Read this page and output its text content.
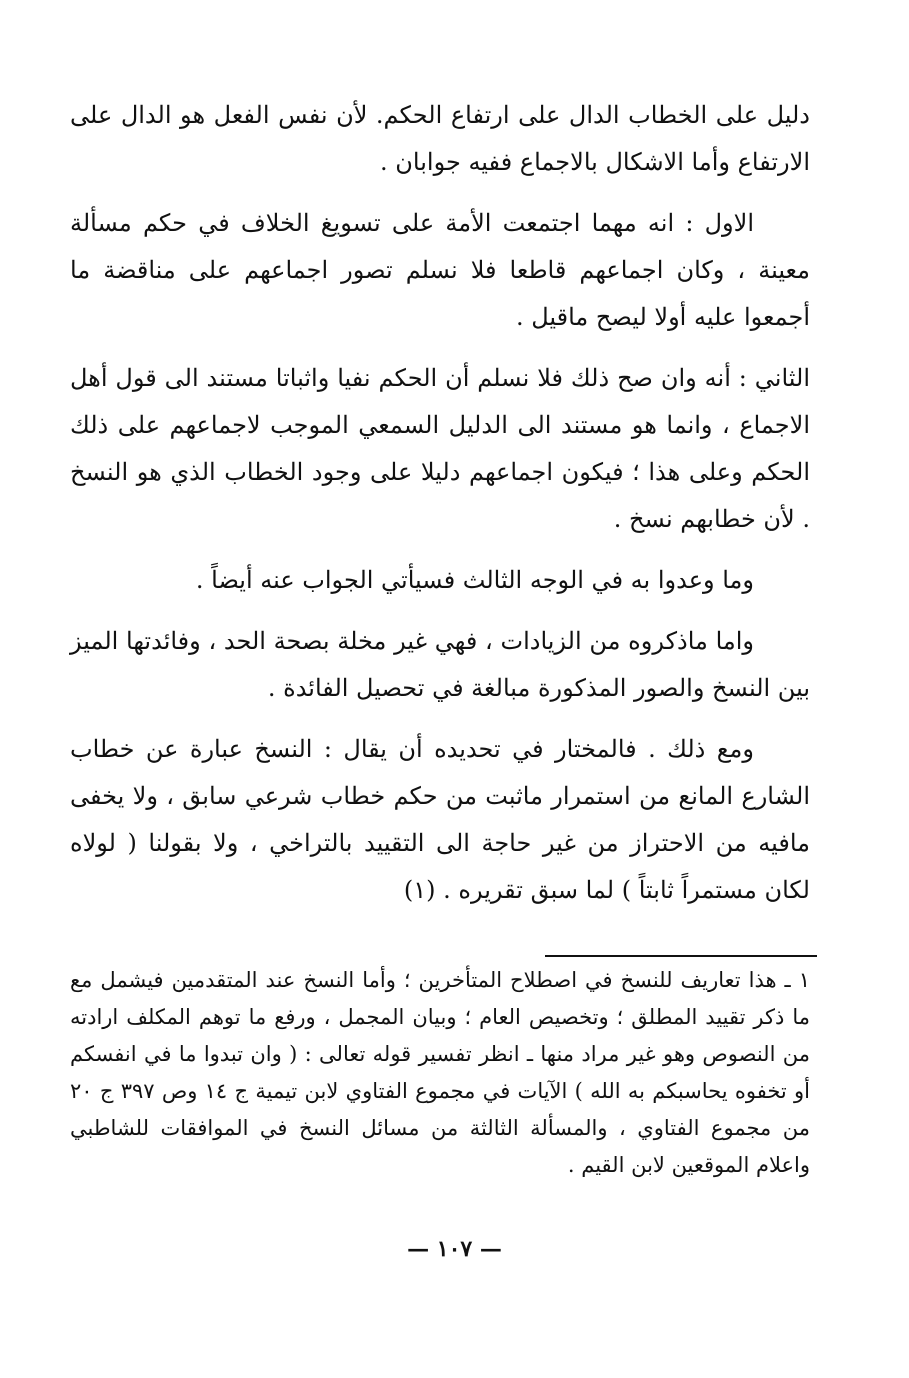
دليل على الخطاب الدال على ارتفاع الحكم. لأن نفس الفعل هو الدال على الارتفاع وأما الاشكال بالاجماع ففيه جوابان .

الاول : انه مهما اجتمعت الأمة على تسويغ الخلاف في حكم مسألة معينة ، وكان اجماعهم قاطعا فلا نسلم تصور اجماعهم على مناقضة ما أجمعوا عليه أولا ليصح ماقيل .

الثاني : أنه وان صح ذلك فلا نسلم أن الحكم نفيا واثباتا مستند الى قول أهل الاجماع ، وانما هو مستند الى الدليل السمعي الموجب لاجماعهم على ذلك الحكم وعلى هذا ؛ فيكون اجماعهم دليلا على وجود الخطاب الذي هو النسخ . لأن خطابهم نسخ .

وما وعدوا به في الوجه الثالث فسيأتي الجواب عنه أيضاً .

واما ماذكروه من الزيادات ، فهي غير مخلة بصحة الحد ، وفائدتها الميز بين النسخ والصور المذكورة مبالغة في تحصيل الفائدة .

ومع ذلك . فالمختار في تحديده أن يقال : النسخ عبارة عن خطاب الشارع المانع من استمرار ماثبت من حكم خطاب شرعي سابق ، ولا يخفى مافيه من الاحتراز من غير حاجة الى التقييد بالتراخي ، ولا بقولنا ( لولاه لكان مستمراً ثابتاً ) لما سبق تقريره . (١)

١ ـ هذا تعاريف للنسخ في اصطلاح المتأخرين ؛ وأما النسخ عند المتقدمين فيشمل مع ما ذكر تقييد المطلق ؛ وتخصيص العام ؛ وبيان المجمل ، ورفع ما توهم المكلف ارادته من النصوص وهو غير مراد منها ـ انظر تفسير قوله تعالى : ( وان تبدوا ما في انفسكم أو تخفوه يحاسبكم به الله ) الآيات في مجموع الفتاوي لابن تيمية ج ١٤ وص ٣٩٧ ج ٢٠ من مجموع الفتاوي ، والمسألة الثالثة من مسائل النسخ في الموافقات للشاطبي واعلام الموقعين لابن القيم .

— ١٠٧ —
